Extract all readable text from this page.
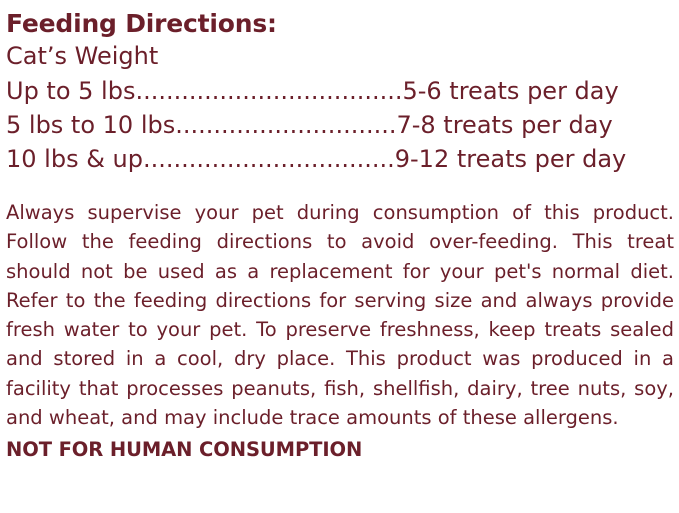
Feeding Directions:
Cat’s Weight
Up to 5 lbs...................................5-6 treats per day
5 lbs to 10 lbs.............................7-8 treats per day
10 lbs & up.................................9-12 treats per day

Always supervise your pet during consumption of this product. Follow the feeding directions to avoid over-feeding. This treat should not be used as a replacement for your pet's normal diet. Refer to the feeding directions for serving size and always provide fresh water to your pet. To preserve freshness, keep treats sealed and stored in a cool, dry place. This product was produced in a facility that processes peanuts, fish, shellfish, dairy, tree nuts, soy, and wheat, and may include trace amounts of these allergens.

NOT FOR HUMAN CONSUMPTION
